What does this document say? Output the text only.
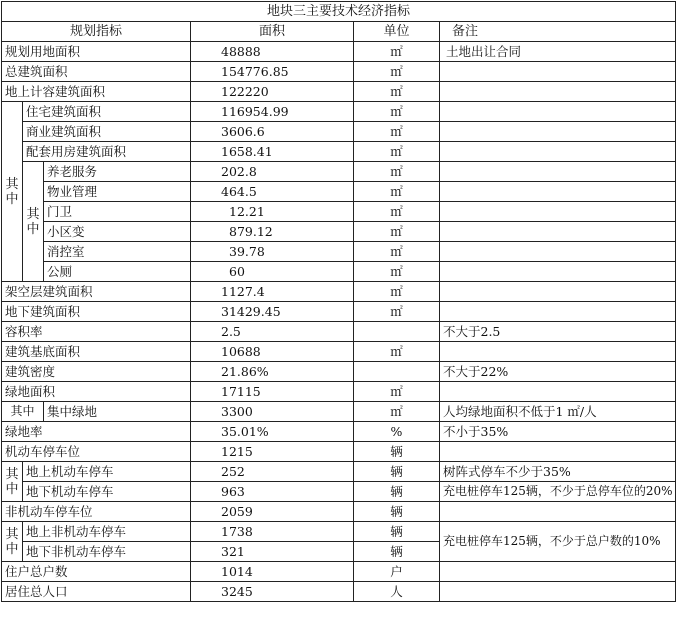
地块三主要技术经济指标					
规划指标			面积	单位	备注
规划用地面积			48888	㎡	土地出让合同
总建筑面积			154776.85	㎡	
地上计容建筑面积			122220	㎡	
其中	住宅建筑面积		116954.99	㎡	
	商业建筑面积		3606.6	㎡	
	配套用房建筑面积		1658.41	㎡	
	其中	养老服务	202.8	㎡	
		物业管理	464.5	㎡	
		门卫	12.21	㎡	
		小区变	879.12	㎡	
		消控室	39.78	㎡	
		公厕	60	㎡	
架空层建筑面积			1127.4	㎡	
地下建筑面积			31429.45	㎡	
容积率			2.5		不大于2.5
建筑基底面积			10688	㎡	
建筑密度			21.86%		不大于22%
绿地面积			17115	㎡	
其中		集中绿地	3300	㎡	人均绿地面积不低于1 ㎡/人
绿地率			35.01%	%	不小于35%
机动车停车位			1215	辆	
其中	地上机动车停车		252	辆	树阵式停车不少于35%
	地下机动车停车		963	辆	充电桩停车125辆，不少于总停车位的20%
非机动车停车位			2059	辆	
其中	地上非机动车停车		1738	辆	充电桩停车125辆，不少于总户数的10%
	地下非机动车停车		321	辆	
住户总户数			1014	户	
居住总人口			3245	人	
